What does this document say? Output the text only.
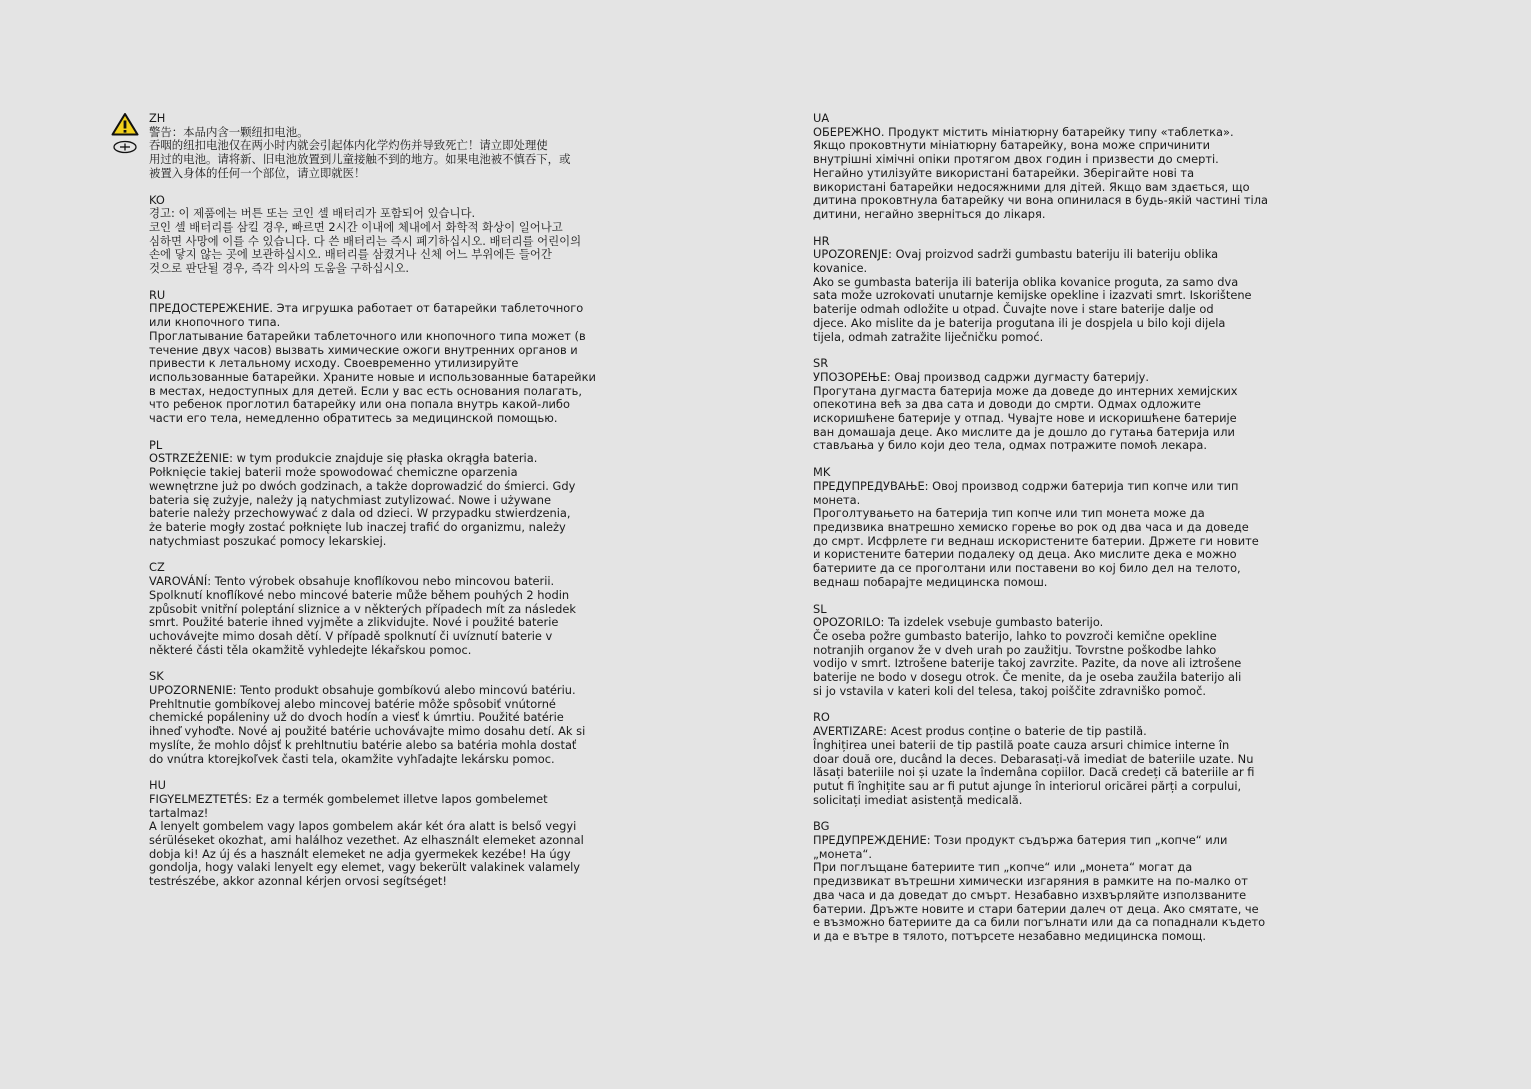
ZH

警告：本品内含一颗纽扣电池。

吞咽的纽扣电池仅在两小时内就会引起体内化学灼伤并导致死亡！请立即处理使
用过的电池。请将新、旧电池放置到儿童接触不到的地方。如果电池被不慎吞下，或
被置入身体的任何一个部位，请立即就医！

KO

경고: 이 제품에는 버튼 또는 코인 셀 배터리가 포함되어 있습니다.

코인 셀 배터리를 삼킬 경우, 빠르면 2시간 이내에 체내에서 화학적 화상이 일어나고
심하면 사망에 이를 수 있습니다. 다 쓴 배터리는 즉시 폐기하십시오. 배터리를 어린이의
손에 닿지 않는 곳에 보관하십시오. 배터리를 삼켰거나 신체 어느 부위에든 들어간
것으로 판단될 경우, 즉각 의사의 도움을 구하십시오.

RU

ПРЕДОСТЕРЕЖЕНИЕ. Эта игрушка работает от батарейки таблеточного
или кнопочного типа.

Проглатывание батарейки таблеточного или кнопочного типа может (в
течение двух часов) вызвать химические ожоги внутренних органов и
привести к летальному исходу. Своевременно утилизируйте
использованные батарейки. Храните новые и использованные батарейки
в местах, недоступных для детей. Если у вас есть основания полагать,
что ребенок проглотил батарейку или она попала внутрь какой-либо
части его тела, немедленно обратитесь за медицинской помощью.

PL

OSTRZEŻENIE: w tym produkcie znajduje się płaska okrągła bateria.

Połknięcie takiej baterii może spowodować chemiczne oparzenia
wewnętrzne już po dwóch godzinach, a także doprowadzić do śmierci. Gdy
bateria się zużyje, należy ją natychmiast zutylizować. Nowe i używane
baterie należy przechowywać z dala od dzieci. W przypadku stwierdzenia,
że baterie mogły zostać połknięte lub inaczej trafić do organizmu, należy
natychmiast poszukać pomocy lekarskiej.

CZ

VAROVÁNÍ: Tento výrobek obsahuje knoflíkovou nebo mincovou baterii.

Spolknutí knoflíkové nebo mincové baterie může během pouhých 2 hodin
způsobit vnitřní poleptání sliznice a v některých případech mít za následek
smrt. Použité baterie ihned vyjměte a zlikvidujte. Nové i použité baterie
uchovávejte mimo dosah dětí. V případě spolknutí či uvíznutí baterie v
některé části těla okamžitě vyhledejte lékařskou pomoc.

SK

UPOZORNENIE: Tento produkt obsahuje gombíkovú alebo mincovú batériu.

Prehltnutie gombíkovej alebo mincovej batérie môže spôsobiť vnútorné
chemické popáleniny už do dvoch hodín a viesť k úmrtiu. Použité batérie
ihneď vyhoďte. Nové aj použité batérie uchovávajte mimo dosahu detí. Ak si
myslíte, že mohlo dôjsť k prehltnutiu batérie alebo sa batéria mohla dostať
do vnútra ktorejkoľvek časti tela, okamžite vyhľadajte lekársku pomoc.

HU

FIGYELMEZTETÉS: Ez a termék gombelemet illetve lapos gombelemet
tartalmaz!

A lenyelt gombelem vagy lapos gombelem akár két óra alatt is belső vegyi
sérüléseket okozhat, ami halálhoz vezethet. Az elhasznált elemeket azonnal
dobja ki! Az új és a használt elemeket ne adja gyermekek kezébe! Ha úgy
gondolja, hogy valaki lenyelt egy elemet, vagy bekerült valakinek valamely
testrészébe, akkor azonnal kérjen orvosi segítséget!

UA

ОБЕРЕЖНО. Продукт містить мініатюрну батарейку типу «таблетка».

Якщо проковтнути мініатюрну батарейку, вона може спричинити
внутрішні хімічні опіки протягом двох годин і призвести до смерті.
Негайно утилізуйте використані батарейки. Зберігайте нові та
використані батарейки недосяжними для дітей. Якщо вам здається, що
дитина проковтнула батарейку чи вона опинилася в будь-якій частині тіла
дитини, негайно зверніться до лікаря.

HR

UPOZORENJE: Ovaj proizvod sadrži gumbastu bateriju ili bateriju oblika
kovanice.

Ako se gumbasta baterija ili baterija oblika kovanice proguta, za samo dva
sata može uzrokovati unutarnje kemijske opekline i izazvati smrt. Iskorištene
baterije odmah odložite u otpad. Čuvajte nove i stare baterije dalje od
djece. Ako mislite da je baterija progutana ili je dospjela u bilo koji dijela
tijela, odmah zatražite liječničku pomoć.

SR

УПОЗОРЕЊЕ: Овај производ садржи дугмасту батерију.

Прогутана дугмаста батерија може да доведе до интерних хемијских
опекотина већ за два сата и доводи до смрти. Одмах одложите
искоришћене батерије у отпад. Чувајте нове и искоришћене батерије
ван домашаја деце. Ако мислите да је дошло до гутања батерија или
стављања у било који део тела, одмах потражите помоћ лекара.

MK

ПРЕДУПРЕДУВАЊЕ: Овој производ содржи батерија тип копче или тип
монета.

Проголтувањето на батерија тип копче или тип монета може да
предизвика внатрешно хемиско горење во рок од два часа и да доведе
до смрт. Исфрлете ги веднаш искористените батерии. Држете ги новите
и користените батерии подалеку од деца. Ако мислите дека е можно
батериите да се проголтани или поставени во кој било дел на телото,
веднаш побарајте медицинска помош.

SL

OPOZORILO: Ta izdelek vsebuje gumbasto baterijo.

Če oseba požre gumbasto baterijo, lahko to povzroči kemične opekline
notranjih organov že v dveh urah po zaužitju. Tovrstne poškodbe lahko
vodijo v smrt. Iztrošene baterije takoj zavrzite. Pazite, da nove ali iztrošene
baterije ne bodo v dosegu otrok. Če menite, da je oseba zaužila baterijo ali
si jo vstavila v kateri koli del telesa, takoj poiščite zdravniško pomoč.

RO

AVERTIZARE: Acest produs conține o baterie de tip pastilă.

Înghițirea unei baterii de tip pastilă poate cauza arsuri chimice interne în
doar două ore, ducând la deces. Debarasați-vă imediat de bateriile uzate. Nu
lăsați bateriile noi și uzate la îndemâna copiilor. Dacă credeți că bateriile ar fi
putut fi înghițite sau ar fi putut ajunge în interiorul oricărei părți a corpului,
solicitați imediat asistență medicală.

BG

ПРЕДУПРЕЖДЕНИЕ: Този продукт съдържа батерия тип „копче“ или
„монета“.

При поглъщане батериите тип „копче“ или „монета“ могат да
предизвикат вътрешни химически изгаряния в рамките на по-малко от
два часа и да доведат до смърт. Незабавно изхвърляйте използваните
батерии. Дръжте новите и стари батерии далеч от деца. Ако смятате, че
е възможно батериите да са били погълнати или да са попаднали където
и да е вътре в тялото, потърсете незабавно медицинска помощ.
